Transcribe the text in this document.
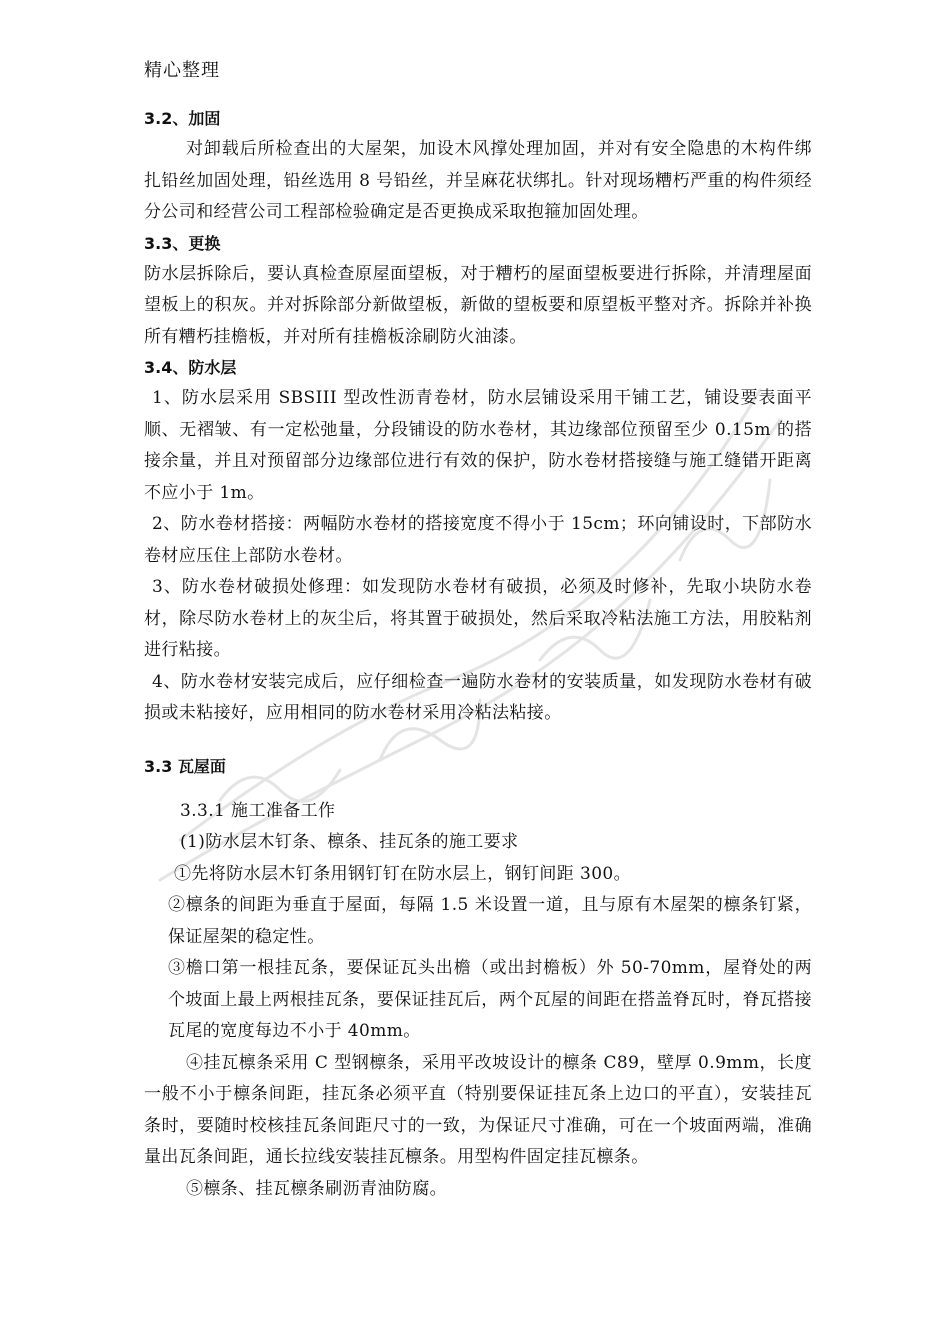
精心整理
3.2、加固

对卸载后所检查出的大屋架，加设木风撑处理加固，并对有安全隐患的木构件绑扎铅丝加固处理，铅丝选用 8 号铅丝，并呈麻花状绑扎。针对现场糟朽严重的构件须经分公司和经营公司工程部检验确定是否更换成采取抱箍加固处理。

3.3、更换

防水层拆除后，要认真检查原屋面望板，对于糟朽的屋面望板要进行拆除，并清理屋面望板上的积灰。并对拆除部分新做望板，新做的望板要和原望板平整对齐。拆除并补换所有糟朽挂檐板，并对所有挂檐板涂刷防火油漆。

3.4、防水层

1、防水层采用 SBSIII 型改性沥青卷材，防水层铺设采用干铺工艺，铺设要表面平顺、无褶皱、有一定松弛量，分段铺设的防水卷材，其边缘部位预留至少 0.15m 的搭接余量，并且对预留部分边缘部位进行有效的保护，防水卷材搭接缝与施工缝错开距离不应小于 1m。

2、防水卷材搭接：两幅防水卷材的搭接宽度不得小于 15cm；环向铺设时，下部防水卷材应压住上部防水卷材。

3、防水卷材破损处修理：如发现防水卷材有破损，必须及时修补，先取小块防水卷材，除尽防水卷材上的灰尘后，将其置于破损处，然后采取冷粘法施工方法，用胶粘剂进行粘接。

4、防水卷材安装完成后，应仔细检查一遍防水卷材的安装质量，如发现防水卷材有破损或未粘接好，应用相同的防水卷材采用冷粘法粘接。

3.3 瓦屋面

3.3.1 施工准备工作

(1)防水层木钉条、檩条、挂瓦条的施工要求

①先将防水层木钉条用钢钉钉在防水层上，钢钉间距 300。

②檩条的间距为垂直于屋面，每隔 1.5 米设置一道，且与原有木屋架的檩条钉紧，保证屋架的稳定性。

③檐口第一根挂瓦条，要保证瓦头出檐（或出封檐板）外 50-70mm，屋脊处的两个坡面上最上两根挂瓦条，要保证挂瓦后，两个瓦屋的间距在搭盖脊瓦时，脊瓦搭接瓦尾的宽度每边不小于 40mm。

④挂瓦檩条采用 C 型钢檩条，采用平改坡设计的檩条 C89，壁厚 0.9mm，长度一般不小于檩条间距，挂瓦条必须平直（特别要保证挂瓦条上边口的平直），安装挂瓦条时，要随时校核挂瓦条间距尺寸的一致，为保证尺寸准确，可在一个坡面两端，准确量出瓦条间距，通长拉线安装挂瓦檩条。用型构件固定挂瓦檩条。

⑤檩条、挂瓦檩条刷沥青油防腐。
